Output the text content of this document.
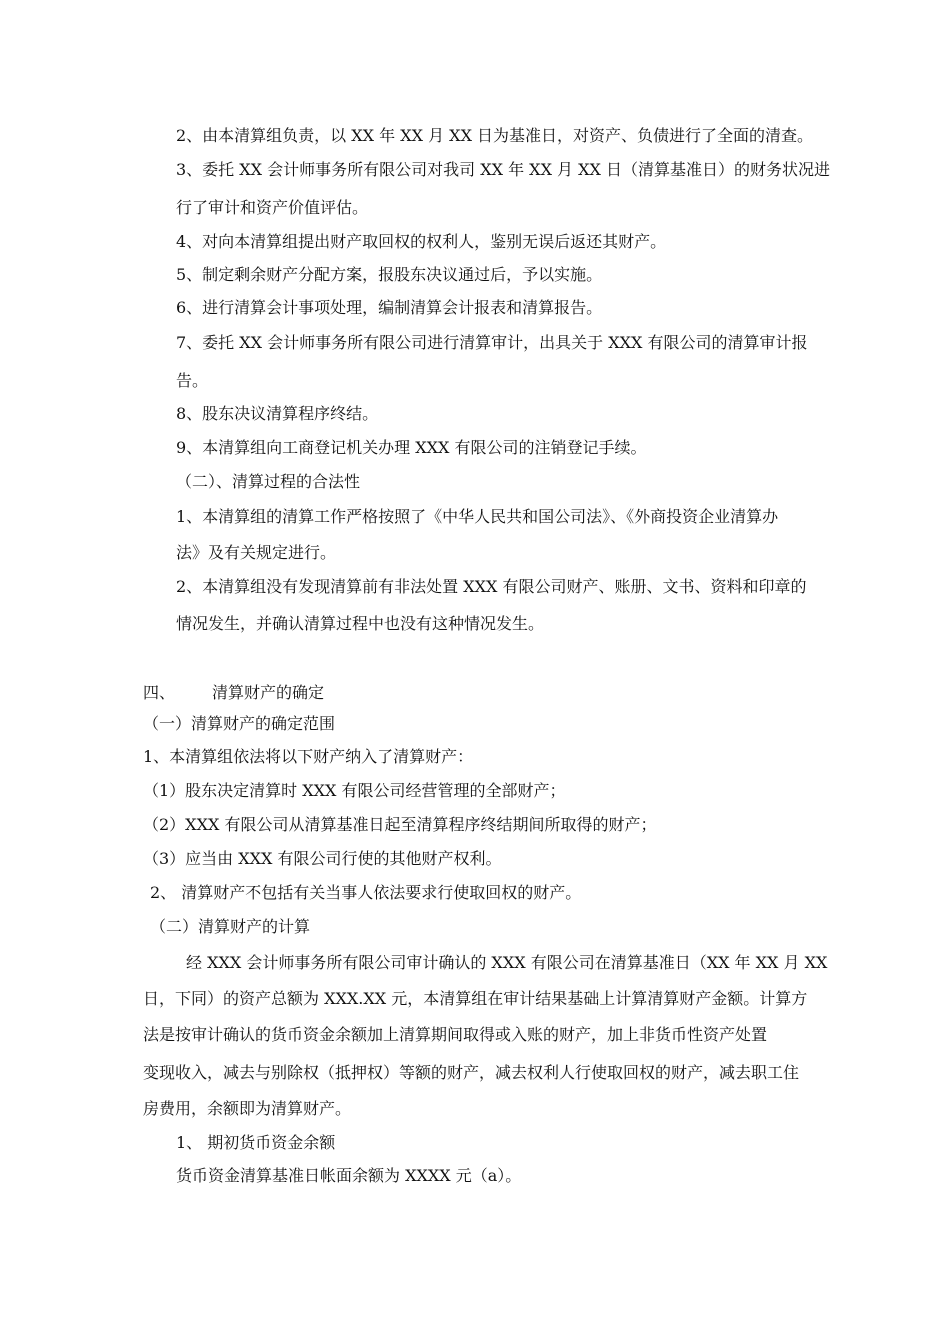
2、由本清算组负责，以 XX 年 XX 月 XX 日为基准日，对资产、负债进行了全面的清查。
3、委托 XX 会计师事务所有限公司对我司 XX 年 XX 月 XX 日（清算基准日）的财务状况进
行了审计和资产价值评估。
4、对向本清算组提出财产取回权的权利人，鉴别无误后返还其财产。
5、制定剩余财产分配方案，报股东决议通过后，予以实施。
6、进行清算会计事项处理，编制清算会计报表和清算报告。
7、委托 XX 会计师事务所有限公司进行清算审计，出具关于 XXX 有限公司的清算审计报
告。
8、股东决议清算程序终结。
9、本清算组向工商登记机关办理 XXX 有限公司的注销登记手续。
（二）、清算过程的合法性
1、本清算组的清算工作严格按照了《中华人民共和国公司法》、《外商投资企业清算办
法》及有关规定进行。
2、本清算组没有发现清算前有非法处置 XXX 有限公司财产、账册、文书、资料和印章的
情况发生，并确认清算过程中也没有这种情况发生。
四、 清算财产的确定
（一）清算财产的确定范围
1、本清算组依法将以下财产纳入了清算财产：
（1）股东决定清算时 XXX 有限公司经营管理的全部财产；
（2）XXX 有限公司从清算基准日起至清算程序终结期间所取得的财产；
（3）应当由 XXX 有限公司行使的其他财产权利。
2、 清算财产不包括有关当事人依法要求行使取回权的财产。
（二）清算财产的计算
经 XXX 会计师事务所有限公司审计确认的 XXX 有限公司在清算基准日（XX 年 XX 月 XX
日，下同）的资产总额为 XXX.XX 元，本清算组在审计结果基础上计算清算财产金额。计算方
法是按审计确认的货币资金余额加上清算期间取得或入账的财产，加上非货币性资产处置
变现收入，减去与别除权（抵押权）等额的财产，减去权利人行使取回权的财产，减去职工住
房费用，余额即为清算财产。
1、 期初货币资金余额
货币资金清算基准日帐面余额为 XXXX 元（a）。
